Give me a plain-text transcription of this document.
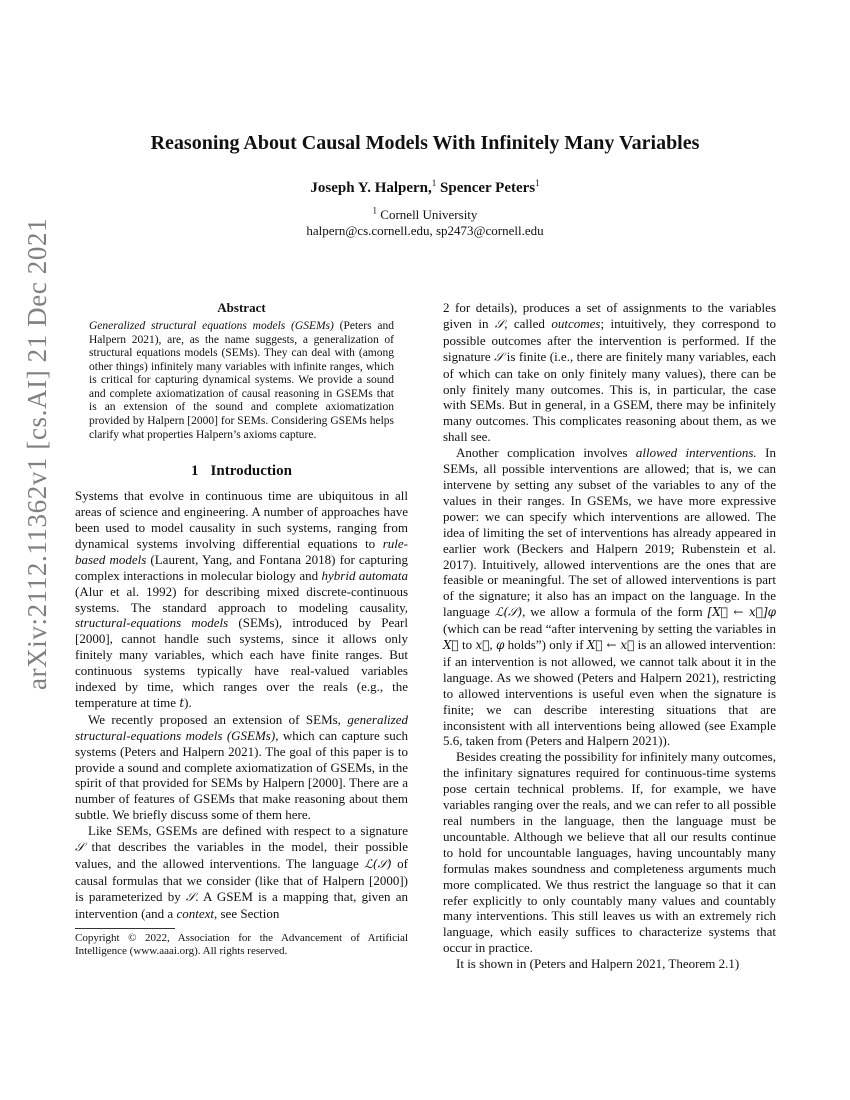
arXiv:2112.11362v1 [cs.AI] 21 Dec 2021
Reasoning About Causal Models With Infinitely Many Variables
Joseph Y. Halpern,$^1$ Spencer Peters$^1$
$^1$ Cornell University
halpern@cs.cornell.edu, sp2473@cornell.edu
Abstract

Generalized structural equations models (GSEMs) (Peters and Halpern 2021), are, as the name suggests, a generalization of structural equations models (SEMs). They can deal with (among other things) infinitely many variables with infinite ranges, which is critical for capturing dynamical systems. We provide a sound and complete axiomatization of causal reasoning in GSEMs that is an extension of the sound and complete axiomatization provided by Halpern [2000] for SEMs. Considering GSEMs helps clarify what properties Halpern’s axioms capture.

1 Introduction

Systems that evolve in continuous time are ubiquitous in all areas of science and engineering. A number of approaches have been used to model causality in such systems, ranging from dynamical systems involving differential equations to rule-based models (Laurent, Yang, and Fontana 2018) for capturing complex interactions in molecular biology and hybrid automata (Alur et al. 1992) for describing mixed discrete-continuous systems. The standard approach to modeling causality, structural-equations models (SEMs), introduced by Pearl [2000], cannot handle such systems, since it allows only finitely many variables, which each have finite ranges. But continuous systems typically have real-valued variables indexed by time, which ranges over the reals (e.g., the temperature at time t).

We recently proposed an extension of SEMs, generalized structural-equations models (GSEMs), which can capture such systems (Peters and Halpern 2021). The goal of this paper is to provide a sound and complete axiomatization of GSEMs, in the spirit of that provided for SEMs by Halpern [2000]. There are a number of features of GSEMs that make reasoning about them subtle. We briefly discuss some of them here.

Like SEMs, GSEMs are defined with respect to a signature 𝒮 that describes the variables in the model, their possible values, and the allowed interventions. The language ℒ(𝒮) of causal formulas that we consider (like that of Halpern [2000]) is parameterized by 𝒮. A GSEM is a mapping that, given an intervention (and a context, see Section

Copyright © 2022, Association for the Advancement of Artificial Intelligence (www.aaai.org). All rights reserved.

2 for details), produces a set of assignments to the variables given in 𝒮, called outcomes; intuitively, they correspond to possible outcomes after the intervention is performed. If the signature 𝒮 is finite (i.e., there are finitely many variables, each of which can take on only finitely many values), there can be only finitely many outcomes. This is, in particular, the case with SEMs. But in general, in a GSEM, there may be infinitely many outcomes. This complicates reasoning about them, as we shall see.

Another complication involves allowed interventions. In SEMs, all possible interventions are allowed; that is, we can intervene by setting any subset of the variables to any of the values in their ranges. In GSEMs, we have more expressive power: we can specify which interventions are allowed. The idea of limiting the set of interventions has already appeared in earlier work (Beckers and Halpern 2019; Rubenstein et al. 2017). Intuitively, allowed interventions are the ones that are feasible or meaningful. The set of allowed interventions is part of the signature; it also has an impact on the language. In the language ℒ(𝒮), we allow a formula of the form [X⃗ ← x⃗]φ (which can be read “after intervening by setting the variables in X⃗ to x⃗, φ holds”) only if X⃗ ← x⃗ is an allowed intervention: if an intervention is not allowed, we cannot talk about it in the language. As we showed (Peters and Halpern 2021), restricting to allowed interventions is useful even when the signature is finite; we can describe interesting situations that are inconsistent with all interventions being allowed (see Example 5.6, taken from (Peters and Halpern 2021)).

Besides creating the possibility for infinitely many outcomes, the infinitary signatures required for continuous-time systems pose certain technical problems. If, for example, we have variables ranging over the reals, and we can refer to all possible real numbers in the language, then the language must be uncountable. Although we believe that all our results continue to hold for uncountable languages, having uncountably many formulas makes soundness and completeness arguments much more complicated. We thus restrict the language so that it can refer explicitly to only countably many values and countably many interventions. This still leaves us with an extremely rich language, which easily suffices to characterize systems that occur in practice.

It is shown in (Peters and Halpern 2021, Theorem 2.1)
